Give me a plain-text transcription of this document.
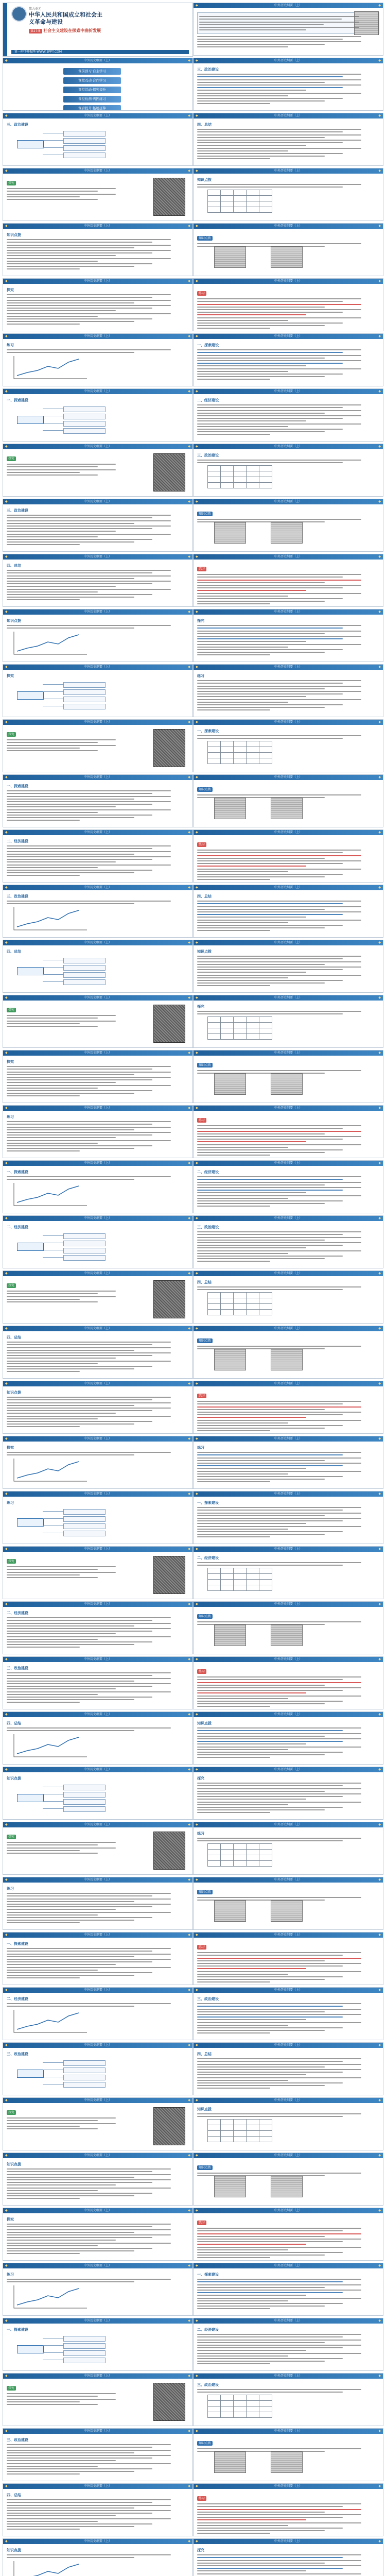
◆	中外历史纲要（上）	◆
◆	中外历史纲要（上）	◆
课前预习·自主学习
课堂互动·合作学习
课堂活动·探究提升
课堂检测·巩固练习
课后提升·拓展延伸
◆	中外历史纲要（上）	◆
三、政治建设
◆	中外历史纲要（上）	◆
三、政治建设
◆	中外历史纲要（上）	◆
四、总结
◆	中外历史纲要（上）	◆
探究
◆	中外历史纲要（上）	◆
知识点拨

◆	中外历史纲要（上）	◆
知识点拨
◆	中外历史纲要（上）	◆
知识点拨
◆	中外历史纲要（上）	◆
探究
◆	中外历史纲要（上）	◆
练习
◆	中外历史纲要（上）	◆
练习
◆	中外历史纲要（上）	◆
一、探索建设
◆	中外历史纲要（上）	◆
一、探索建设
◆	中外历史纲要（上）	◆
二、经济建设
◆	中外历史纲要（上）	◆
探究
◆	中外历史纲要（上）	◆
三、政治建设

◆	中外历史纲要（上）	◆
三、政治建设
◆	中外历史纲要（上）	◆
知识点拨
◆	中外历史纲要（上）	◆
四、总结
◆	中外历史纲要（上）	◆
练习
◆	中外历史纲要（上）	◆
知识点拨
◆	中外历史纲要（上）	◆
探究
◆	中外历史纲要（上）	◆
探究
◆	中外历史纲要（上）	◆
练习
◆	中外历史纲要（上）	◆
探究
◆	中外历史纲要（上）	◆
一、探索建设

◆	中外历史纲要（上）	◆
一、探索建设
◆	中外历史纲要（上）	◆
知识点拨
◆	中外历史纲要（上）	◆
二、经济建设
◆	中外历史纲要（上）	◆
练习
◆	中外历史纲要（上）	◆
三、政治建设
◆	中外历史纲要（上）	◆
四、总结
◆	中外历史纲要（上）	◆
四、总结
◆	中外历史纲要（上）	◆
知识点拨
◆	中外历史纲要（上）	◆
探究
◆	中外历史纲要（上）	◆
探究

◆	中外历史纲要（上）	◆
探究
◆	中外历史纲要（上）	◆
知识点拨
◆	中外历史纲要（上）	◆
练习
◆	中外历史纲要（上）	◆
练习
◆	中外历史纲要（上）	◆
一、探索建设
◆	中外历史纲要（上）	◆
二、经济建设
◆	中外历史纲要（上）	◆
二、经济建设
◆	中外历史纲要（上）	◆
三、政治建设
◆	中外历史纲要（上）	◆
探究
◆	中外历史纲要（上）	◆
四、总结

◆	中外历史纲要（上）	◆
四、总结
◆	中外历史纲要（上）	◆
知识点拨
◆	中外历史纲要（上）	◆
知识点拨
◆	中外历史纲要（上）	◆
练习
◆	中外历史纲要（上）	◆
探究
◆	中外历史纲要（上）	◆
练习
◆	中外历史纲要（上）	◆
练习
◆	中外历史纲要（上）	◆
一、探索建设
◆	中外历史纲要（上）	◆
探究
◆	中外历史纲要（上）	◆
二、经济建设

◆	中外历史纲要（上）	◆
二、经济建设
◆	中外历史纲要（上）	◆
知识点拨
◆	中外历史纲要（上）	◆
三、政治建设
◆	中外历史纲要（上）	◆
练习
◆	中外历史纲要（上）	◆
四、总结
◆	中外历史纲要（上）	◆
知识点拨
◆	中外历史纲要（上）	◆
知识点拨
◆	中外历史纲要（上）	◆
探究
◆	中外历史纲要（上）	◆
探究
◆	中外历史纲要（上）	◆
练习

◆	中外历史纲要（上）	◆
练习
◆	中外历史纲要（上）	◆
知识点拨
◆	中外历史纲要（上）	◆
一、探索建设
◆	中外历史纲要（上）	◆
练习
◆	中外历史纲要（上）	◆
二、经济建设
◆	中外历史纲要（上）	◆
三、政治建设
◆	中外历史纲要（上）	◆
三、政治建设
◆	中外历史纲要（上）	◆
四、总结
◆	中外历史纲要（上）	◆
探究
◆	中外历史纲要（上）	◆
知识点拨

◆	中外历史纲要（上）	◆
知识点拨
◆	中外历史纲要（上）	◆
知识点拨
◆	中外历史纲要（上）	◆
探究
◆	中外历史纲要（上）	◆
练习
◆	中外历史纲要（上）	◆
练习
◆	中外历史纲要（上）	◆
一、探索建设
◆	中外历史纲要（上）	◆
一、探索建设
◆	中外历史纲要（上）	◆
二、经济建设
◆	中外历史纲要（上）	◆
探究
◆	中外历史纲要（上）	◆
三、政治建设

◆	中外历史纲要（上）	◆
三、政治建设
◆	中外历史纲要（上）	◆
知识点拨
◆	中外历史纲要（上）	◆
四、总结
◆	中外历史纲要（上）	◆
练习
◆	中外历史纲要（上）	◆
知识点拨
◆	中外历史纲要（上）	◆
探究

第九单元
中华人民共和国成立和社会主
义革命与建设
第27课 社会主义建设在探索中曲折发展
第一PPT模板网-WWW.1PPT.COM
